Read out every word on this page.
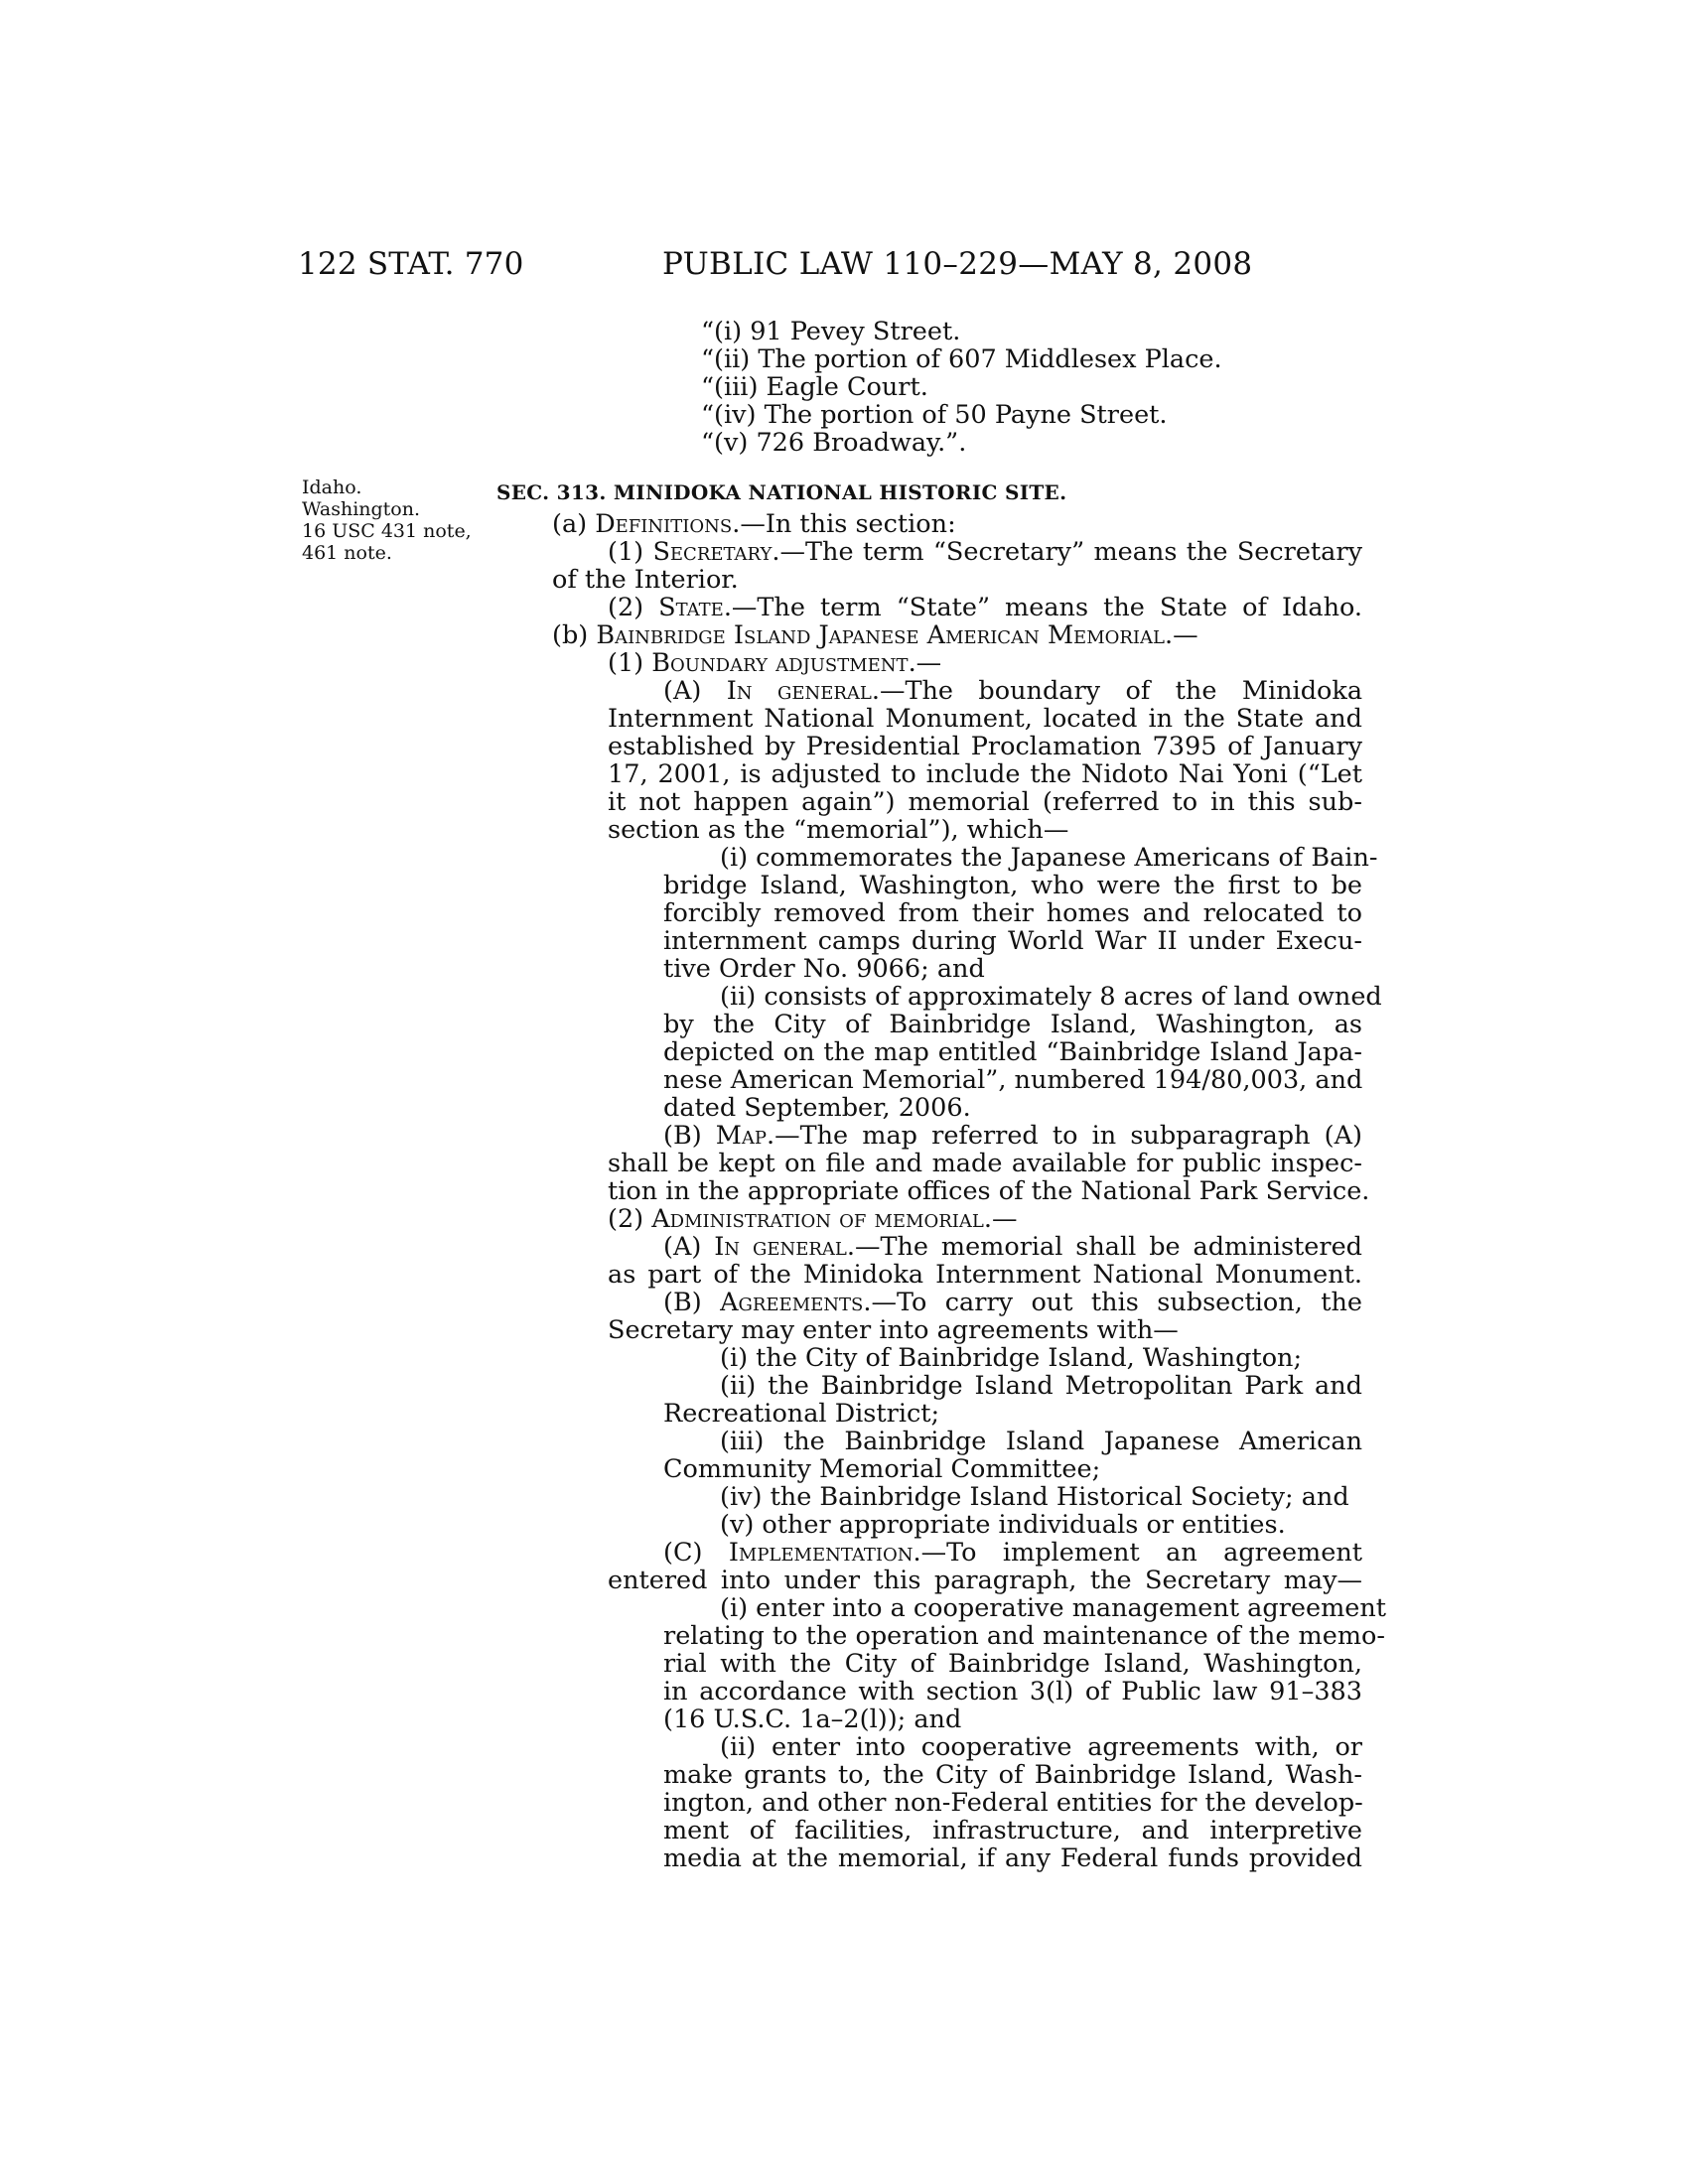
122 STAT. 770	PUBLIC LAW 110–229—MAY 8, 2008
Idaho.
Washington.
16 USC 431 note,
461 note.
“(i) 91 Pevey Street.
“(ii) The portion of 607 Middlesex Place.
“(iii) Eagle Court.
“(iv) The portion of 50 Payne Street.
“(v) 726 Broadway.”.
SEC. 313. MINIDOKA NATIONAL HISTORIC SITE.
(a) Definitions.—In this section:
(1) Secretary.—The term “Secretary” means the Secretary
of the Interior.
(2) State.—The term “State” means the State of Idaho.
(b) Bainbridge Island Japanese American Memorial.—
(1) Boundary adjustment.—
(A) In general.—The boundary of the Minidoka
Internment National Monument, located in the State and
established by Presidential Proclamation 7395 of January
17, 2001, is adjusted to include the Nidoto Nai Yoni (“Let
it not happen again”) memorial (referred to in this sub-
section as the “memorial”), which—
(i) commemorates the Japanese Americans of Bain-
bridge Island, Washington, who were the first to be
forcibly removed from their homes and relocated to
internment camps during World War II under Execu-
tive Order No. 9066; and
(ii) consists of approximately 8 acres of land owned
by the City of Bainbridge Island, Washington, as
depicted on the map entitled “Bainbridge Island Japa-
nese American Memorial”, numbered 194/80,003, and
dated September, 2006.
(B) Map.—The map referred to in subparagraph (A)
shall be kept on file and made available for public inspec-
tion in the appropriate offices of the National Park Service.
(2) Administration of memorial.—
(A) In general.—The memorial shall be administered
as part of the Minidoka Internment National Monument.
(B) Agreements.—To carry out this subsection, the
Secretary may enter into agreements with—
(i) the City of Bainbridge Island, Washington;
(ii) the Bainbridge Island Metropolitan Park and
Recreational District;
(iii) the Bainbridge Island Japanese American
Community Memorial Committee;
(iv) the Bainbridge Island Historical Society; and
(v) other appropriate individuals or entities.
(C) Implementation.—To implement an agreement
entered into under this paragraph, the Secretary may—
(i) enter into a cooperative management agreement
relating to the operation and maintenance of the memo-
rial with the City of Bainbridge Island, Washington,
in accordance with section 3(l) of Public law 91–383
(16 U.S.C. 1a–2(l)); and
(ii) enter into cooperative agreements with, or
make grants to, the City of Bainbridge Island, Wash-
ington, and other non-Federal entities for the develop-
ment of facilities, infrastructure, and interpretive
media at the memorial, if any Federal funds provided
